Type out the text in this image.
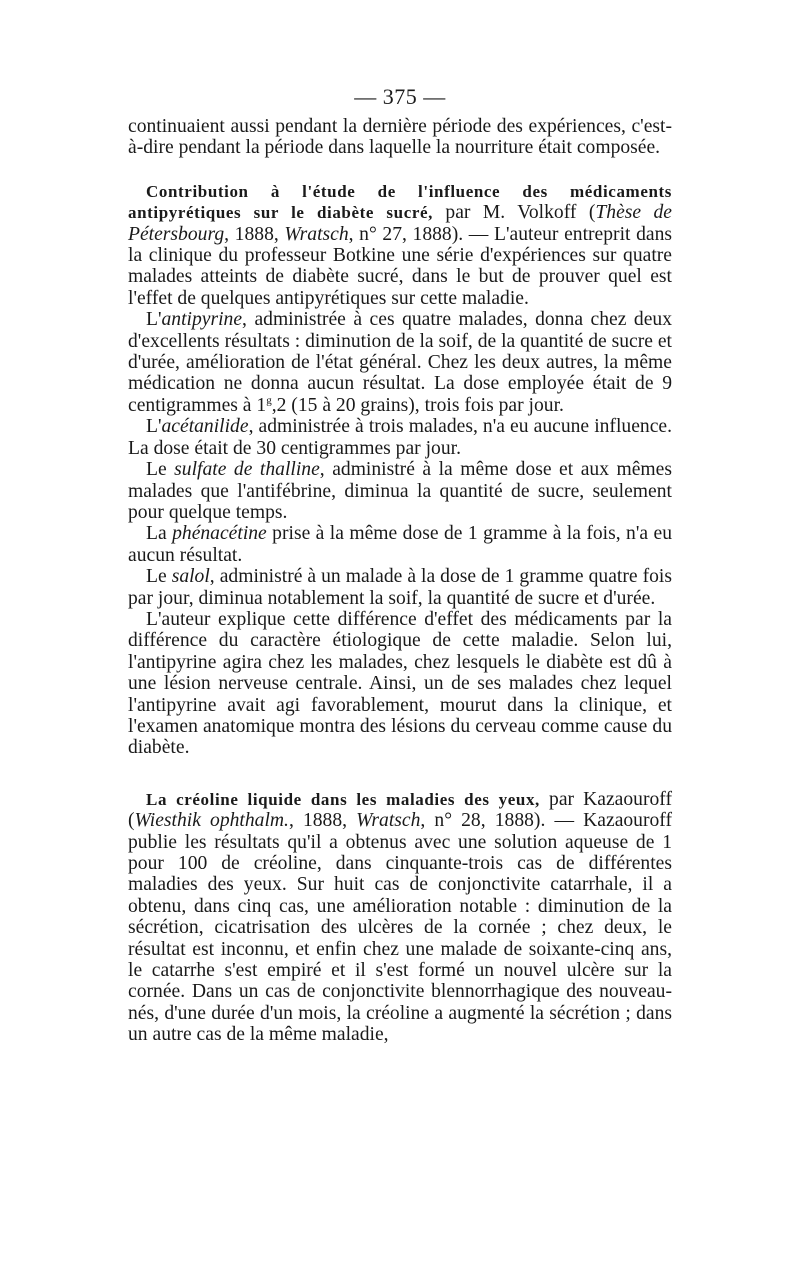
— 375 —

continuaient aussi pendant la dernière période des expériences, c'est-à-dire pendant la période dans laquelle la nourriture était composée.

Contribution à l'étude de l'influence des médicaments antipyrétiques sur le diabète sucré, par M. Volkoff (Thèse de Pétersbourg, 1888, Wratsch, n° 27, 1888). — L'auteur entreprit dans la clinique du professeur Botkine une série d'expériences sur quatre malades atteints de diabète sucré, dans le but de prouver quel est l'effet de quelques antipyrétiques sur cette maladie.

L'antipyrine, administrée à ces quatre malades, donna chez deux d'excellents résultats : diminution de la soif, de la quantité de sucre et d'urée, amélioration de l'état général. Chez les deux autres, la même médication ne donna aucun résultat. La dose employée était de 9 centigrammes à 1$^g$,2 (15 à 20 grains), trois fois par jour.

L'acétanilide, administrée à trois malades, n'a eu aucune influence. La dose était de 30 centigrammes par jour.

Le sulfate de thalline, administré à la même dose et aux mêmes malades que l'antifébrine, diminua la quantité de sucre, seulement pour quelque temps.

La phénacétine prise à la même dose de 1 gramme à la fois, n'a eu aucun résultat.

Le salol, administré à un malade à la dose de 1 gramme quatre fois par jour, diminua notablement la soif, la quantité de sucre et d'urée.

L'auteur explique cette différence d'effet des médicaments par la différence du caractère étiologique de cette maladie. Selon lui, l'antipyrine agira chez les malades, chez lesquels le diabète est dû à une lésion nerveuse centrale. Ainsi, un de ses malades chez lequel l'antipyrine avait agi favorablement, mourut dans la clinique, et l'examen anatomique montra des lésions du cerveau comme cause du diabète.

La créoline liquide dans les maladies des yeux, par Kazaouroff (Wiesthik ophthalm., 1888, Wratsch, n° 28, 1888). — Kazaouroff publie les résultats qu'il a obtenus avec une solution aqueuse de 1 pour 100 de créoline, dans cinquante-trois cas de différentes maladies des yeux. Sur huit cas de conjonctivite catarrhale, il a obtenu, dans cinq cas, une amélioration notable : diminution de la sécrétion, cicatrisation des ulcères de la cornée ; chez deux, le résultat est inconnu, et enfin chez une malade de soixante-cinq ans, le catarrhe s'est empiré et il s'est formé un nouvel ulcère sur la cornée. Dans un cas de conjonctivite blennorrhagique des nouveau-nés, d'une durée d'un mois, la créoline a augmenté la sécrétion ; dans un autre cas de la même maladie,
